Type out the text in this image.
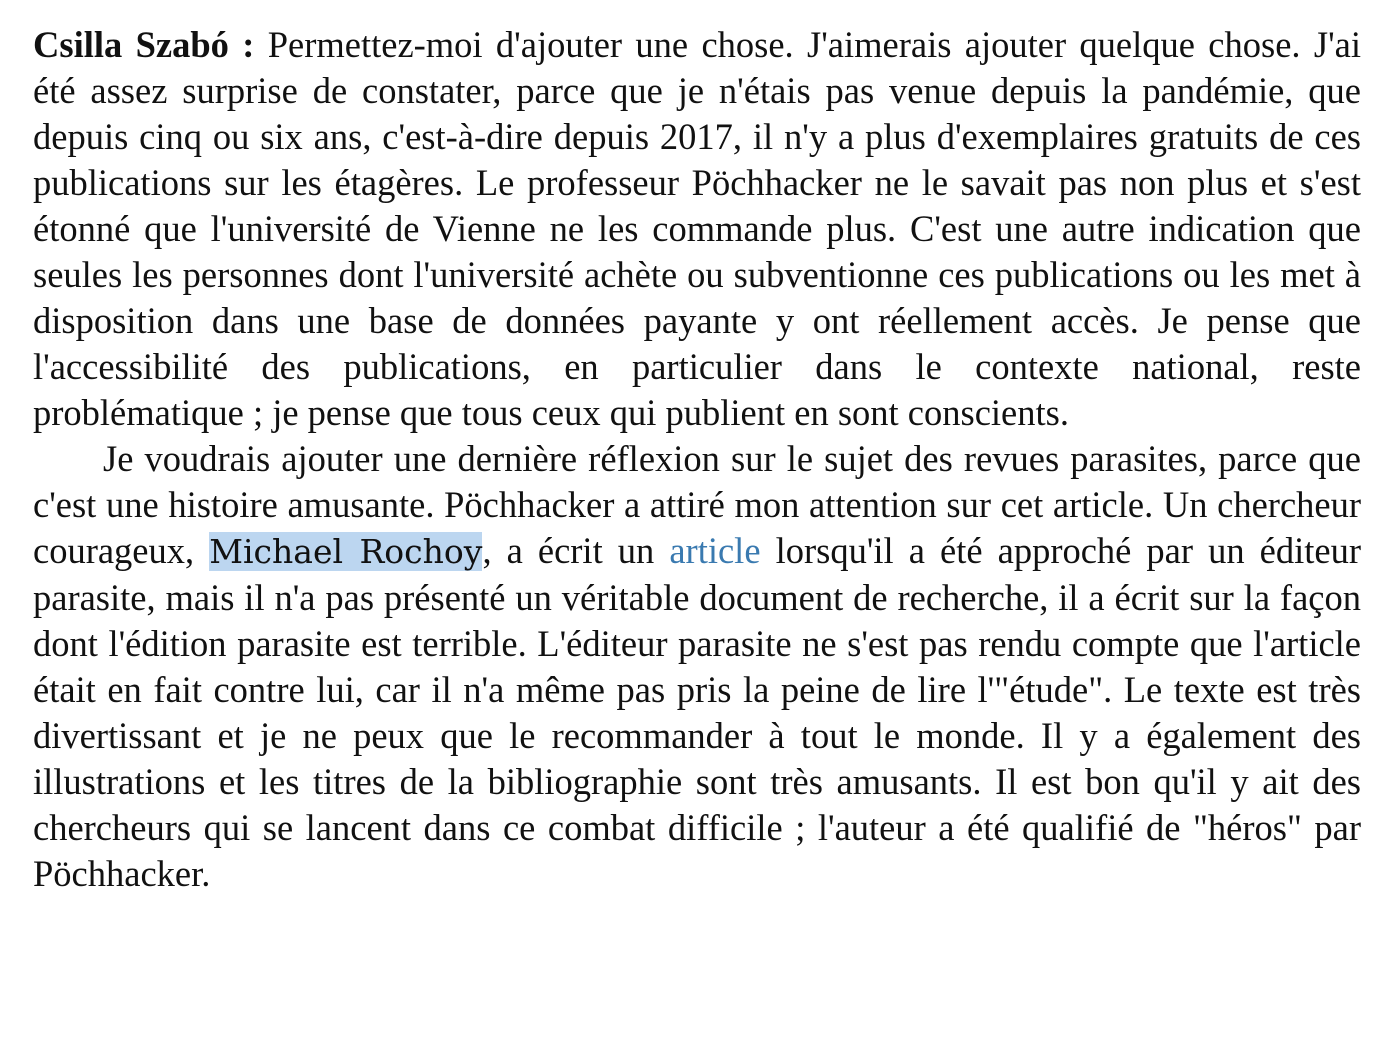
Csilla Szabó : Permettez-moi d'ajouter une chose. J'aimerais ajouter quelque chose. J'ai été assez surprise de constater, parce que je n'étais pas venue depuis la pandémie, que depuis cinq ou six ans, c'est-à-dire depuis 2017, il n'y a plus d'exemplaires gratuits de ces publications sur les étagères. Le professeur Pöchhacker ne le savait pas non plus et s'est étonné que l'université de Vienne ne les commande plus. C'est une autre indication que seules les personnes dont l'université achète ou subventionne ces publications ou les met à disposition dans une base de données payante y ont réellement accès. Je pense que l'accessibilité des publications, en particulier dans le contexte national, reste problématique ; je pense que tous ceux qui publient en sont conscients.

Je voudrais ajouter une dernière réflexion sur le sujet des revues parasites, parce que c'est une histoire amusante. Pöchhacker a attiré mon attention sur cet article. Un chercheur courageux, Michael Rochoy, a écrit un article lorsqu'il a été approché par un éditeur parasite, mais il n'a pas présenté un véritable document de recherche, il a écrit sur la façon dont l'édition parasite est terrible. L'éditeur parasite ne s'est pas rendu compte que l'article était en fait contre lui, car il n'a même pas pris la peine de lire l'"étude". Le texte est très divertissant et je ne peux que le recommander à tout le monde. Il y a également des illustrations et les titres de la bibliographie sont très amusants. Il est bon qu'il y ait des chercheurs qui se lancent dans ce combat difficile ; l'auteur a été qualifié de "héros" par Pöchhacker.
